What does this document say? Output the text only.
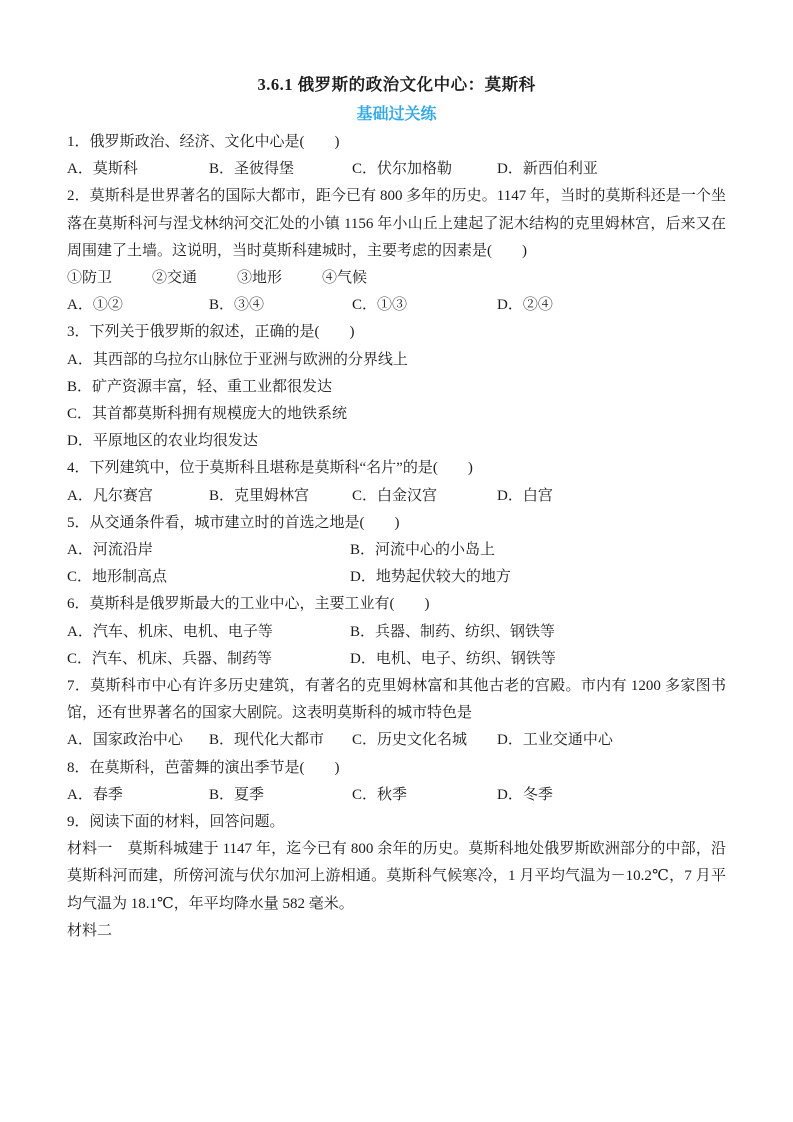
3.6.1 俄罗斯的政治文化中心：莫斯科

基础过关练

1．俄罗斯政治、经济、文化中心是(　　)

A．莫斯科	B．圣彼得堡	C．伏尔加格勒	D．新西伯利亚

2．莫斯科是世界著名的国际大都市，距今已有 800 多年的历史。1147 年，当时的莫斯科还是一个坐落在莫斯科河与涅戈林纳河交汇处的小镇 1156 年小山丘上建起了泥木结构的克里姆林宫，后来又在周围建了土墙。这说明，当时莫斯科建城时，主要考虑的因素是(　　)

①防卫	②交通	③地形	④气候
A．①②	B．③④	C．①③	D．②④

3．下列关于俄罗斯的叙述，正确的是(　　)

A．其西部的乌拉尔山脉位于亚洲与欧洲的分界线上

B．矿产资源丰富，轻、重工业都很发达

C．其首都莫斯科拥有规模庞大的地铁系统

D．平原地区的农业均很发达

4．下列建筑中，位于莫斯科且堪称是莫斯科“名片”的是(　　)

A．凡尔赛宫	B．克里姆林宫	C．白金汉宫	D．白宫

5．从交通条件看，城市建立时的首选之地是(　　)

A．河流沿岸	B．河流中心的小岛上
C．地形制高点	D．地势起伏较大的地方

6．莫斯科是俄罗斯最大的工业中心，主要工业有(　　)

A．汽车、机床、电机、电子等	B．兵器、制药、纺织、钢铁等
C．汽车、机床、兵器、制药等	D．电机、电子、纺织、钢铁等

7．莫斯科市中心有许多历史建筑，有著名的克里姆林富和其他古老的宫殿。市内有 1200 多家图书馆，还有世界著名的国家大剧院。这表明莫斯科的城市特色是

A．国家政治中心	B．现代化大都市	C．历史文化名城	D．工业交通中心

8．在莫斯科，芭蕾舞的演出季节是(　　)

A．春季	B．夏季	C．秋季	D．冬季

9．阅读下面的材料，回答问题。

材料一　莫斯科城建于 1147 年，迄今已有 800 余年的历史。莫斯科地处俄罗斯欧洲部分的中部，沿莫斯科河而建，所傍河流与伏尔加河上游相通。莫斯科气候寒冷，1 月平均气温为－10.2℃，7 月平均气温为 18.1℃，年平均降水量 582 毫米。

材料二
